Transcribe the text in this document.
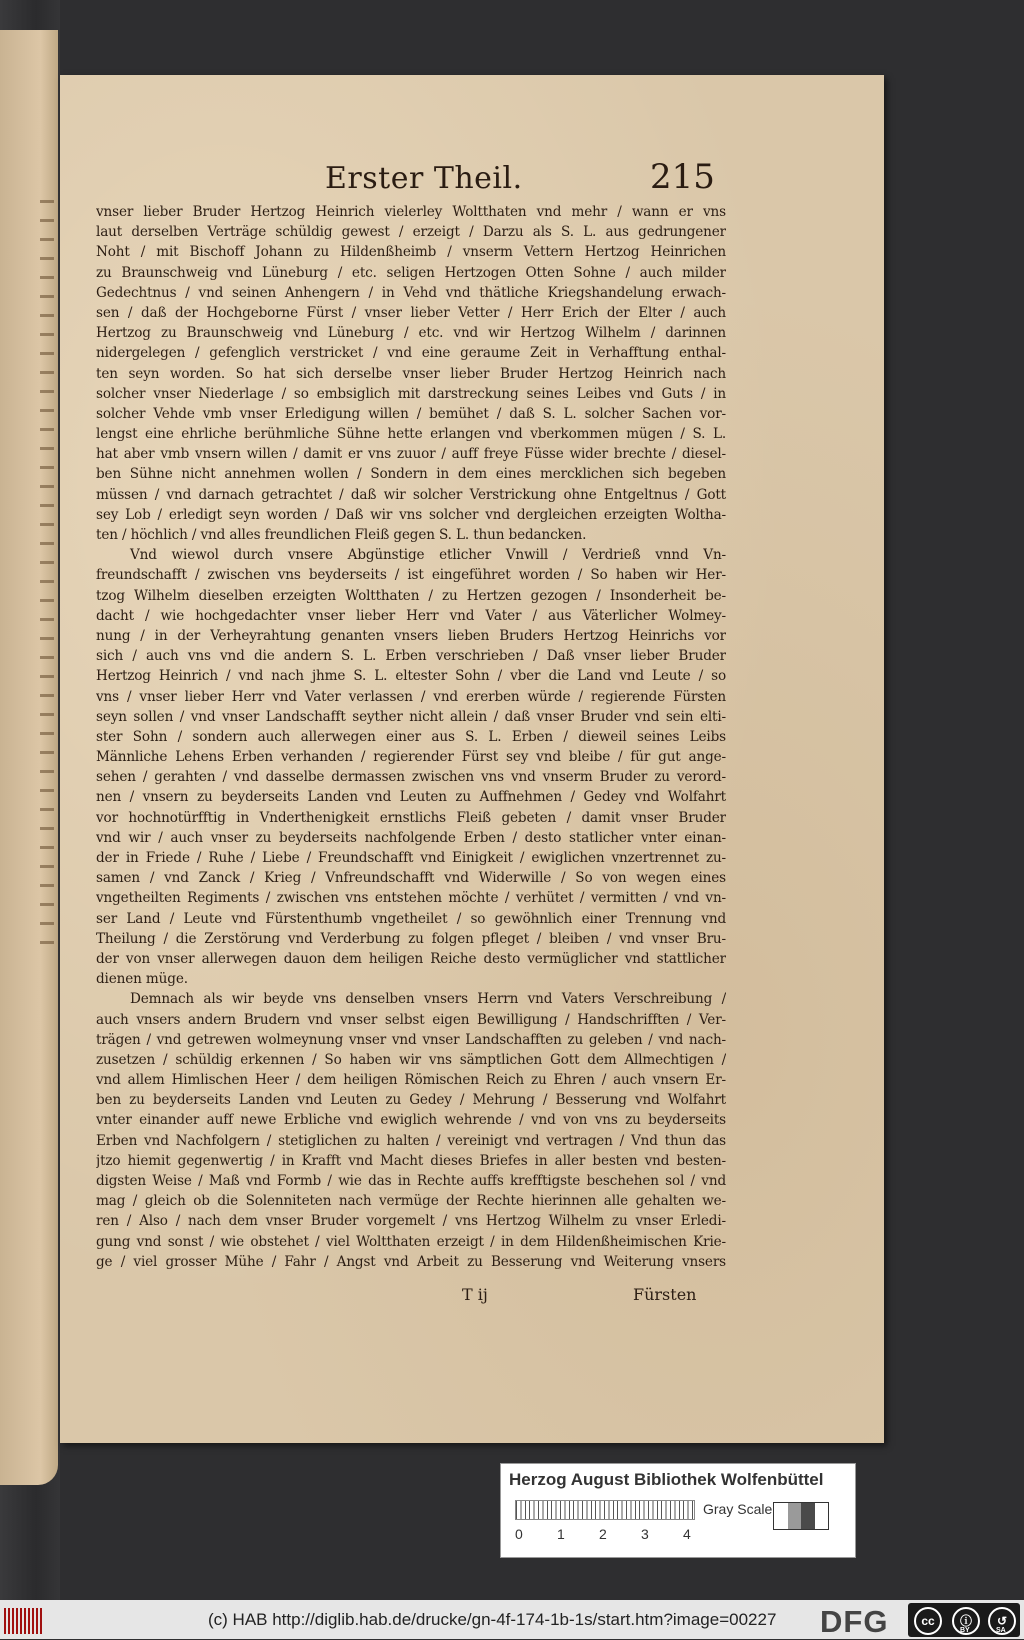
Erster Theil.	215
vnser lieber Bruder Hertzog Heinrich vielerley Woltthaten vnd mehr / wann er vns
laut derselben Verträge schüldig gewest / erzeigt / Darzu als S. L. aus gedrungener
Noht / mit Bischoff Johann zu Hildenßheimb / vnserm Vettern Hertzog Heinrichen
zu Braunschweig vnd Lüneburg / etc. seligen Hertzogen Otten Sohne / auch milder
Gedechtnus / vnd seinen Anhengern / in Vehd vnd thätliche Kriegshandelung erwach-
sen / daß der Hochgeborne Fürst / vnser lieber Vetter / Herr Erich der Elter / auch
Hertzog zu Braunschweig vnd Lüneburg / etc. vnd wir Hertzog Wilhelm / darinnen
nidergelegen / gefenglich verstricket / vnd eine geraume Zeit in Verhafftung enthal-
ten seyn worden. So hat sich derselbe vnser lieber Bruder Hertzog Heinrich nach
solcher vnser Niederlage / so embsiglich mit darstreckung seines Leibes vnd Guts / in
solcher Vehde vmb vnser Erledigung willen / bemühet / daß S. L. solcher Sachen vor-
lengst eine ehrliche berühmliche Sühne hette erlangen vnd vberkommen mügen / S. L.
hat aber vmb vnsern willen / damit er vns zuuor / auff freye Füsse wider brechte / diesel-
ben Sühne nicht annehmen wollen / Sondern in dem eines mercklichen sich begeben
müssen / vnd darnach getrachtet / daß wir solcher Verstrickung ohne Entgeltnus / Gott
sey Lob / erledigt seyn worden / Daß wir vns solcher vnd dergleichen erzeigten Woltha-
ten / höchlich / vnd alles freundlichen Fleiß gegen S. L. thun bedancken.
Vnd wiewol durch vnsere Abgünstige etlicher Vnwill / Verdrieß vnnd Vn-
freundschafft / zwischen vns beyderseits / ist eingeführet worden / So haben wir Her-
tzog Wilhelm dieselben erzeigten Woltthaten / zu Hertzen gezogen / Insonderheit be-
dacht / wie hochgedachter vnser lieber Herr vnd Vater / aus Väterlicher Wolmey-
nung / in der Verheyrahtung genanten vnsers lieben Bruders Hertzog Heinrichs vor
sich / auch vns vnd die andern S. L. Erben verschrieben / Daß vnser lieber Bruder
Hertzog Heinrich / vnd nach jhme S. L. eltester Sohn / vber die Land vnd Leute / so
vns / vnser lieber Herr vnd Vater verlassen / vnd ererben würde / regierende Fürsten
seyn sollen / vnd vnser Landschafft seyther nicht allein / daß vnser Bruder vnd sein elti-
ster Sohn / sondern auch allerwegen einer aus S. L. Erben / dieweil seines Leibs
Männliche Lehens Erben verhanden / regierender Fürst sey vnd bleibe / für gut ange-
sehen / gerahten / vnd dasselbe dermassen zwischen vns vnd vnserm Bruder zu verord-
nen / vnsern zu beyderseits Landen vnd Leuten zu Auffnehmen / Gedey vnd Wolfahrt
vor hochnotürfftig in Vnderthenigkeit ernstlichs Fleiß gebeten / damit vnser Bruder
vnd wir / auch vnser zu beyderseits nachfolgende Erben / desto statlicher vnter einan-
der in Friede / Ruhe / Liebe / Freundschafft vnd Einigkeit / ewiglichen vnzertrennet zu-
samen / vnd Zanck / Krieg / Vnfreundschafft vnd Widerwille / So von wegen eines
vngetheilten Regiments / zwischen vns entstehen möchte / verhütet / vermitten / vnd vn-
ser Land / Leute vnd Fürstenthumb vngetheilet / so gewöhnlich einer Trennung vnd
Theilung / die Zerstörung vnd Verderbung zu folgen pfleget / bleiben / vnd vnser Bru-
der von vnser allerwegen dauon dem heiligen Reiche desto vermüglicher vnd stattlicher
dienen müge.
Demnach als wir beyde vns denselben vnsers Herrn vnd Vaters Verschreibung /
auch vnsers andern Brudern vnd vnser selbst eigen Bewilligung / Handschrifften / Ver-
trägen / vnd getrewen wolmeynung vnser vnd vnser Landschafften zu geleben / vnd nach-
zusetzen / schüldig erkennen / So haben wir vns sämptlichen Gott dem Allmechtigen /
vnd allem Himlischen Heer / dem heiligen Römischen Reich zu Ehren / auch vnsern Er-
ben zu beyderseits Landen vnd Leuten zu Gedey / Mehrung / Besserung vnd Wolfahrt
vnter einander auff newe Erbliche vnd ewiglich wehrende / vnd von vns zu beyderseits
Erben vnd Nachfolgern / stetiglichen zu halten / vereinigt vnd vertragen / Vnd thun das
jtzo hiemit gegenwertig / in Krafft vnd Macht dieses Briefes in aller besten vnd besten-
digsten Weise / Maß vnd Formb / wie das in Rechte auffs krefftigste beschehen sol / vnd
mag / gleich ob die Solenniteten nach vermüge der Rechte hierinnen alle gehalten we-
ren / Also / nach dem vnser Bruder vorgemelt / vns Hertzog Wilhelm zu vnser Erledi-
gung vnd sonst / wie obstehet / viel Woltthaten erzeigt / in dem Hildenßheimischen Krie-
ge / viel grosser Mühe / Fahr / Angst vnd Arbeit zu Besserung vnd Weiterung vnsers
T ij	Fürsten
Herzog August Bibliothek Wolfenbüttel
0 1 2 3 4
Gray Scale
(c) HAB http://diglib.hab.de/drucke/gn-4f-174-1b-1s/start.htm?image=00227 DFG	cc	ⓘ	↺
BY	SA
